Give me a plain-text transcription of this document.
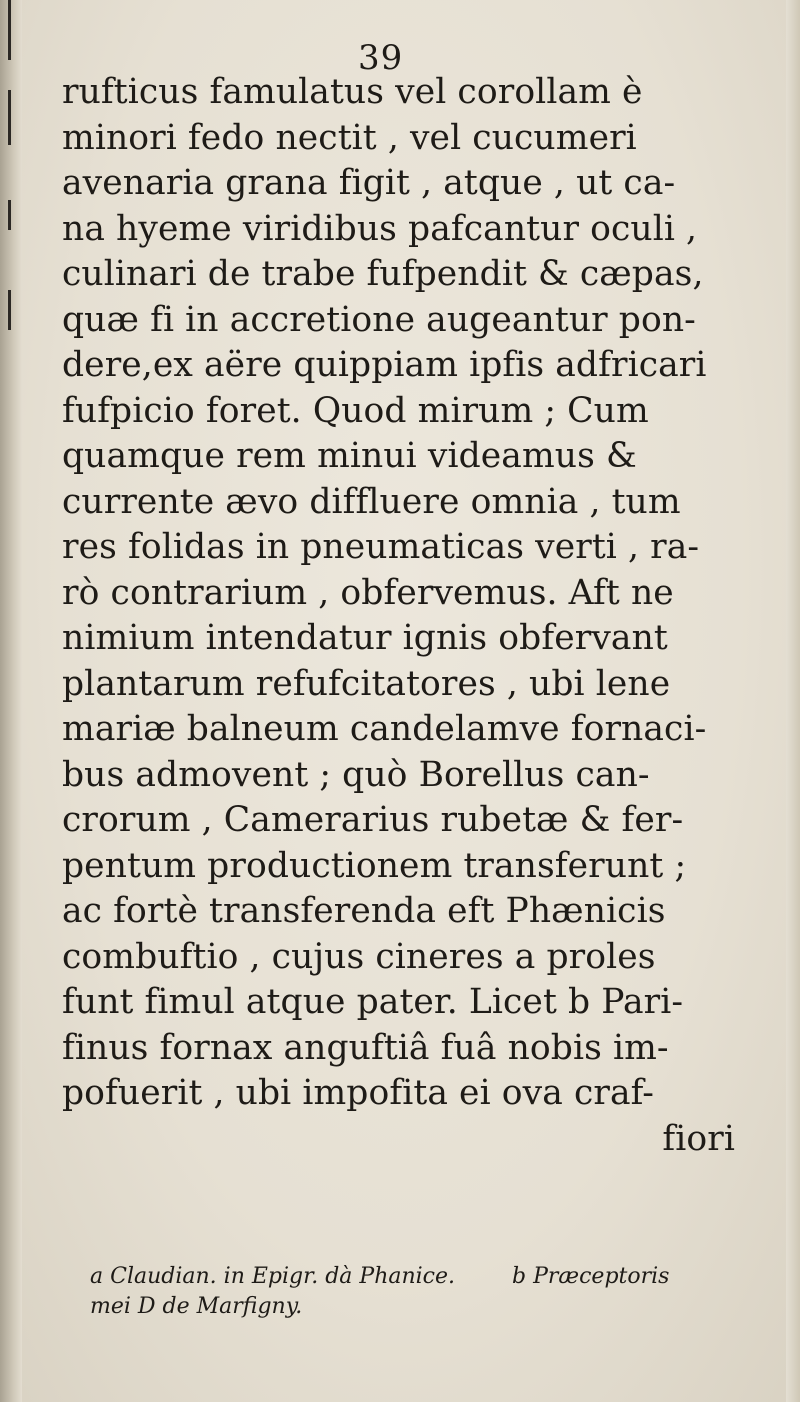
39
rufticus famulatus vel corollam è
minori fedo nectit , vel cucumeri
avenaria grana figit , atque , ut ca-
na hyeme viridibus pafcantur oculi ,
culinari de trabe fufpendit & cæpas,
quæ fi in accretione augeantur pon-
dere,ex aëre quippiam ipfis adfricari
fufpicio foret. Quod mirum ; Cum
quamque rem minui videamus &
currente ævo diffluere omnia , tum
res folidas in pneumaticas verti , ra-
rò contrarium , obfervemus. Aft ne
nimium intendatur ignis obfervant
plantarum refufcitatores , ubi lene
mariæ balneum candelamve fornaci-
bus admovent ; quò Borellus can-
crorum , Camerarius rubetæ & fer-
pentum productionem transferunt ;
ac fortè transferenda eft Phænicis
combuftio , cujus cineres a proles
funt fimul atque pater. Licet b Pari-
finus fornax anguftiâ fuâ nobis im-
pofuerit , ubi impofita ei ova craf-
fiori
a Claudian. in Epigr. dà Phanice.	b Præceptoris
mei D de Marfigny.
